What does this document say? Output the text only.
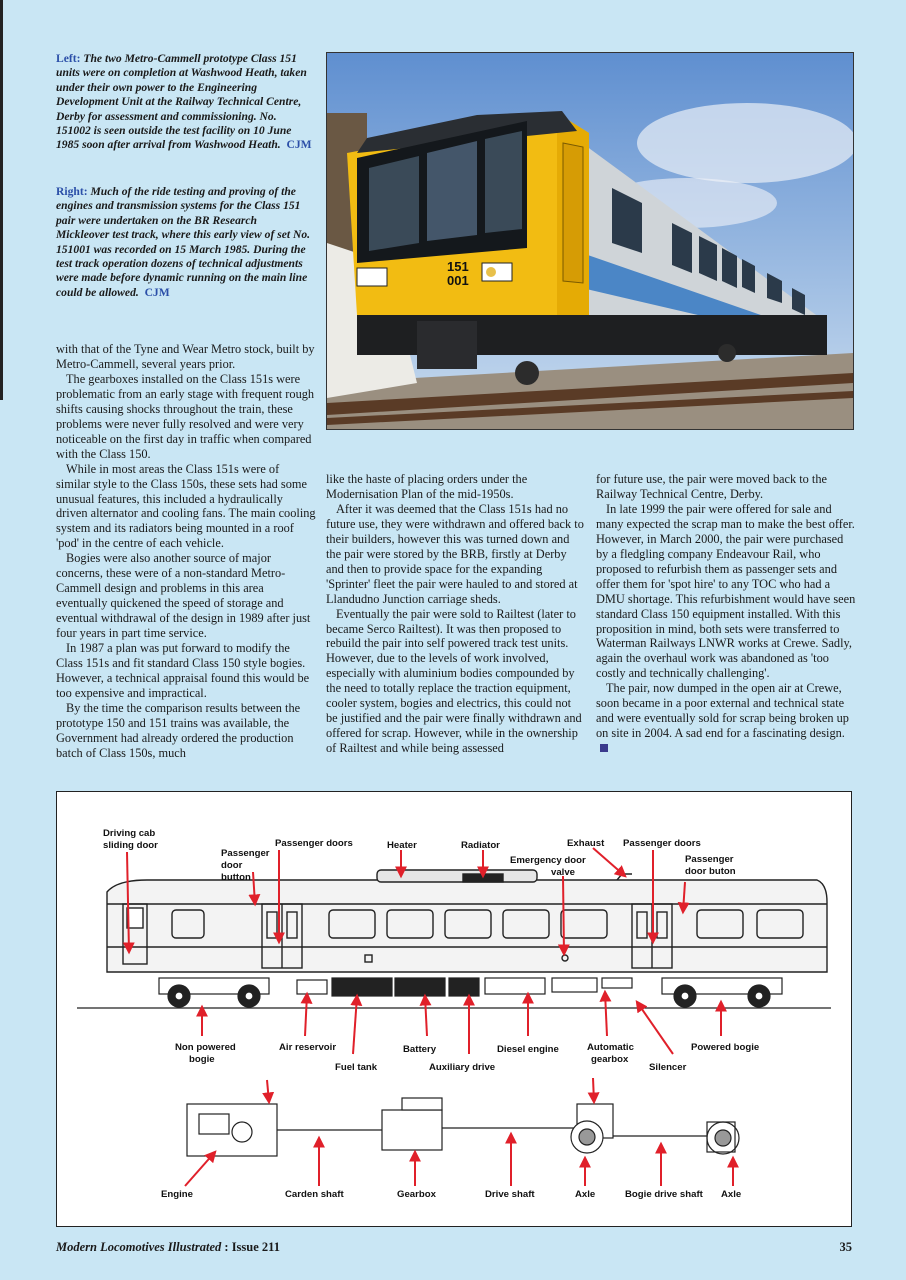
Left: The two Metro-Cammell prototype Class 151 units were on completion at Washwood Heath, taken under their own power to the Engineering Development Unit at the Railway Technical Centre, Derby for assessment and commissioning. No. 151002 is seen outside the test facility on 10 June 1985 soon after arrival from Washwood Heath. CJM
Right: Much of the ride testing and proving of the engines and transmission systems for the Class 151 pair were undertaken on the BR Research Mickleover test track, where this early view of set No. 151001 was recorded on 15 March 1985. During the test track operation dozens of technical adjustments were made before dynamic running on the main line could be allowed. CJM
151
001

with that of the Tyne and Wear Metro stock, built by Metro-Cammell, several years prior.

The gearboxes installed on the Class 151s were problematic from an early stage with frequent rough shifts causing shocks throughout the train, these problems were never fully resolved and were very noticeable on the first day in traffic when compared with the Class 150.

While in most areas the Class 151s were of similar style to the Class 150s, these sets had some unusual features, this included a hydraulically driven alternator and cooling fans. The main cooling system and its radiators being mounted in a roof 'pod' in the centre of each vehicle.

Bogies were also another source of major concerns, these were of a non-standard Metro-Cammell design and problems in this area eventually quickened the speed of storage and eventual withdrawal of the design in 1989 after just four years in part time service.

In 1987 a plan was put forward to modify the Class 151s and fit standard Class 150 style bogies. However, a technical appraisal found this would be too expensive and impractical.

By the time the comparison results between the prototype 150 and 151 trains was available, the Government had already ordered the production batch of Class 150s, much

like the haste of placing orders under the Modernisation Plan of the mid-1950s.

After it was deemed that the Class 151s had no future use, they were withdrawn and offered back to their builders, however this was turned down and the pair were stored by the BRB, firstly at Derby and then to provide space for the expanding 'Sprinter' fleet the pair were hauled to and stored at Llandudno Junction carriage sheds.

Eventually the pair were sold to Railtest (later to became Serco Railtest). It was then proposed to rebuild the pair into self powered track test units. However, due to the levels of work involved, especially with aluminium bodies compounded by the need to totally replace the traction equipment, cooler system, bogies and electrics, this could not be justified and the pair were finally withdrawn and offered for scrap. However, while in the ownership of Railtest and while being assessed

for future use, the pair were moved back to the Railway Technical Centre, Derby.

In late 1999 the pair were offered for sale and many expected the scrap man to make the best offer. However, in March 2000, the pair were purchased by a fledgling company Endeavour Rail, who proposed to refurbish them as passenger sets and offer them for 'spot hire' to any TOC who had a DMU shortage. This refurbishment would have seen standard Class 150 equipment installed. With this proposition in mind, both sets were transferred to Waterman Railways LNWR works at Crewe. Sadly, again the overhaul work was abandoned as 'too costly and technically challenging'.

The pair, now dumped in the open air at Crewe, soon became in a poor external and technical state and were eventually sold for scrap being broken up on site in 2004. A sad end for a fascinating design.

Driving cab
sliding door
Passenger
door
button
Passenger doors	Heater	Radiator	Exhaust
Emergency door
valve
Passenger doors
Passenger
door buton
Non powered
bogie
Air reservoir
Fuel tank
Battery
Auxiliary drive
Diesel engine	Automatic
gearbox
Silencer
Powered bogie
Engine	Carden shaft	Gearbox	Drive shaft	Axle	Bogie drive shaft Axle
Modern Locomotives Illustrated : Issue 211	35
